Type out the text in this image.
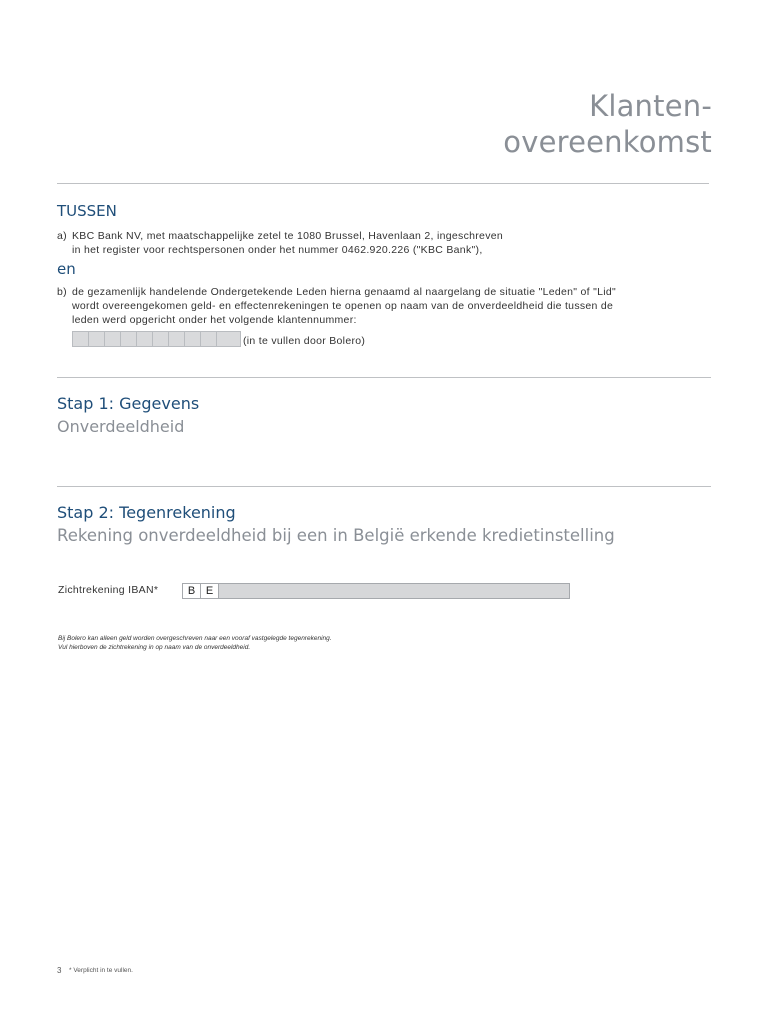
Klanten-
overeenkomst
TUSSEN
a) KBC Bank NV, met maatschappelijke zetel te 1080 Brussel, Havenlaan 2, ingeschreven
in het register voor rechtspersonen onder het nummer 0462.920.226 ("KBC Bank"),
en
b) de gezamenlijk handelende Ondergetekende Leden hierna genaamd al naargelang de situatie "Leden" of "Lid"
wordt overeengekomen geld- en effectenrekeningen te openen op naam van de onverdeeldheid die tussen de
leden werd opgericht onder het volgende klantennummer:
(in te vullen door Bolero)
Stap 1: Gegevens
Onverdeeldheid
Stap 2: Tegenrekening
Rekening onverdeeldheid bij een in België erkende kredietinstelling
Zichtrekening IBAN*	B E
Bij Bolero kan alleen geld worden overgeschreven naar een vooraf vastgelegde tegenrekening.
Vul hierboven de zichtrekening in op naam van de onverdeeldheid.
3 * Verplicht in te vullen.
